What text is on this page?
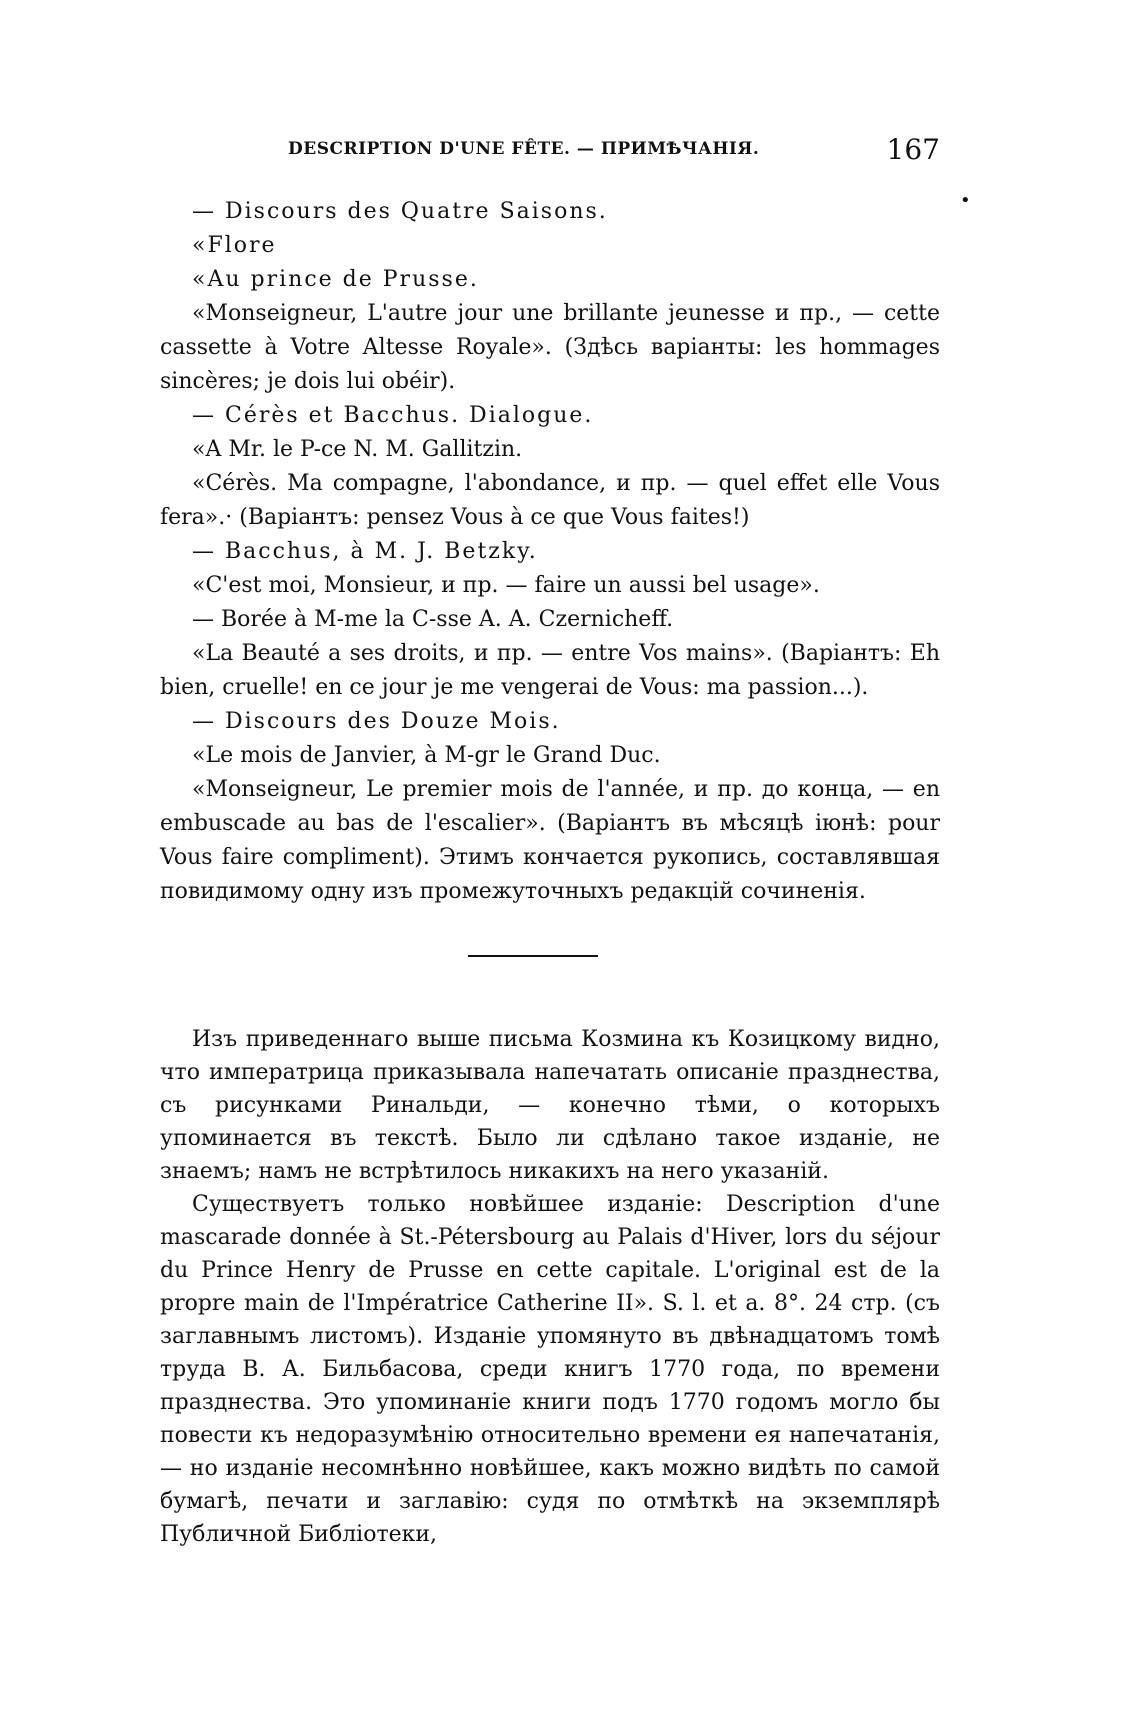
DESCRIPTION D'UNE FÊTE. — ПРИМѢЧАНІЯ.	167
•

— Discours des Quatre Saisons.

«Flore

«Au prince de Prusse.

«Monseigneur, L'autre jour une brillante jeunesse и пр., — cette cassette à Votre Altesse Royale». (Здѣсь варіанты: les hommages sincères; je dois lui obéir).

— Cérès et Bacchus. Dialogue.

«A Mr. le P-ce N. M. Gallitzin.

«Cérès. Ma compagne, l'abondance, и пр. — quel effet elle Vous fera».· (Варіантъ: pensez Vous à ce que Vous faites!)

— Bacchus, à M. J. Betzky.

«C'est moi, Monsieur, и пр. — faire un aussi bel usage».

— Borée à M-me la C-sse A. A. Czernicheff.

«La Beauté a ses droits, и пр. — entre Vos mains». (Варіантъ: Eh bien, cruelle! en ce jour je me vengerai de Vous: ma passion...).

— Discours des Douze Mois.

«Le mois de Janvier, à M-gr le Grand Duc.

«Monseigneur, Le premier mois de l'année, и пр. до конца, — en embuscade au bas de l'escalier». (Варіантъ въ мѣсяцѣ іюнѣ: pour Vous faire compliment). Этимъ кончается рукопись, составлявшая повидимому одну изъ промежуточныхъ редакцій сочиненія.

Изъ приведеннаго выше письма Козмина къ Козицкому видно, что императрица приказывала напечатать описаніе празднества, съ рисунками Ринальди, — конечно тѣми, о которыхъ упоминается въ текстѣ. Было ли сдѣлано такое изданіе, не знаемъ; намъ не встрѣтилось никакихъ на него указаній.

Существуетъ только новѣйшее изданіе: Description d'une mascarade donnée à St.-Pétersbourg au Palais d'Hiver, lors du séjour du Prince Henry de Prusse en cette capitale. L'original est de la propre main de l'Impératrice Catherine II». S. l. et a. 8°. 24 стр. (съ заглавнымъ листомъ). Изданіе упомянуто въ двѣнадцатомъ томѣ труда В. А. Бильбасова, среди книгъ 1770 года, по времени празднества. Это упоминаніе книги подъ 1770 годомъ могло бы повести къ недоразумѣнію относительно времени ея напечатанія, — но изданіе несомнѣнно новѣйшее, какъ можно видѣть по самой бумагѣ, печати и заглавію: судя по отмѣткѣ на экземплярѣ Публичной Библіотеки,
